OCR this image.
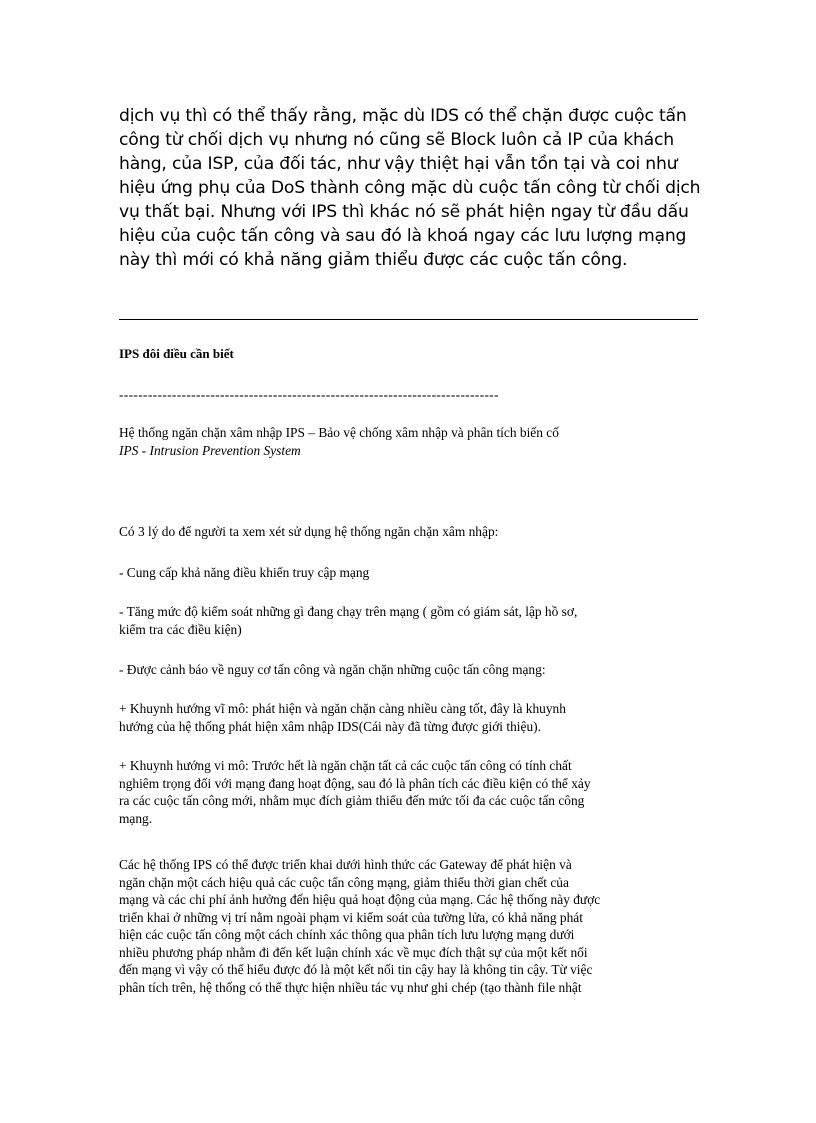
dịch vụ thì có thể thấy rằng, mặc dù IDS có thể chặn được cuộc tấn
công từ chối dịch vụ nhưng nó cũng sẽ Block luôn cả IP của khách
hàng, của ISP, của đối tác, như vậy thiệt hại vẫn tồn tại và coi như
hiệu ứng phụ của DoS thành công mặc dù cuộc tấn công từ chối dịch
vụ thất bại. Nhưng với IPS thì khác nó sẽ phát hiện ngay từ đầu dấu
hiệu của cuộc tấn công và sau đó là khoá ngay các lưu lượng mạng
này thì mới có khả năng giảm thiểu được các cuộc tấn công.
IPS đôi điều cần biết
-------------------------------------------------------------------------------
Hệ thống ngăn chặn xâm nhập IPS – Bảo vệ chống xâm nhập và phân tích biến cố
IPS - Intrusion Prevention System
Có 3 lý do để người ta xem xét sử dụng hệ thống ngăn chặn xâm nhập:
- Cung cấp khả năng điều khiển truy cập mạng
- Tăng mức độ kiểm soát những gì đang chạy trên mạng ( gồm có giám sát, lập hồ sơ,
kiểm tra các điều kiện)
- Được cảnh báo về nguy cơ tấn công và ngăn chặn những cuộc tấn công mạng:
+ Khuynh hướng vĩ mô: phát hiện và ngăn chặn càng nhiều càng tốt, đây là khuynh
hướng của hệ thống phát hiện xâm nhập IDS(Cái này đã từng được giới thiệu).
+ Khuynh hướng vi mô: Trước hết là ngăn chặn tất cả các cuộc tấn công có tính chất
nghiêm trọng đối với mạng đang hoạt động, sau đó là phân tích các điều kiện có thể xảy
ra các cuộc tấn công mới, nhằm mục đích giảm thiểu đến mức tối đa các cuộc tấn công
mạng.
Các hệ thống IPS có thể được triển khai dưới hình thức các Gateway để phát hiện và
ngăn chặn một cách hiệu quả các cuộc tấn công mạng, giảm thiểu thời gian chết của
mạng và các chi phí ảnh hưởng đến hiệu quả hoạt động của mạng. Các hệ thống này được
triển khai ở những vị trí nằm ngoài phạm vi kiểm soát của tường lửa, có khả năng phát
hiện các cuộc tấn công một cách chính xác thông qua phân tích lưu lượng mạng dưới
nhiều phương pháp nhằm đi đến kết luận chính xác về mục đích thật sự của một kết nối
đến mạng vì vậy có thể hiểu được đó là một kết nối tin cậy hay là không tin cậy. Từ việc
phân tích trên, hệ thống có thể thực hiện nhiều tác vụ như ghi chép (tạo thành file nhật
